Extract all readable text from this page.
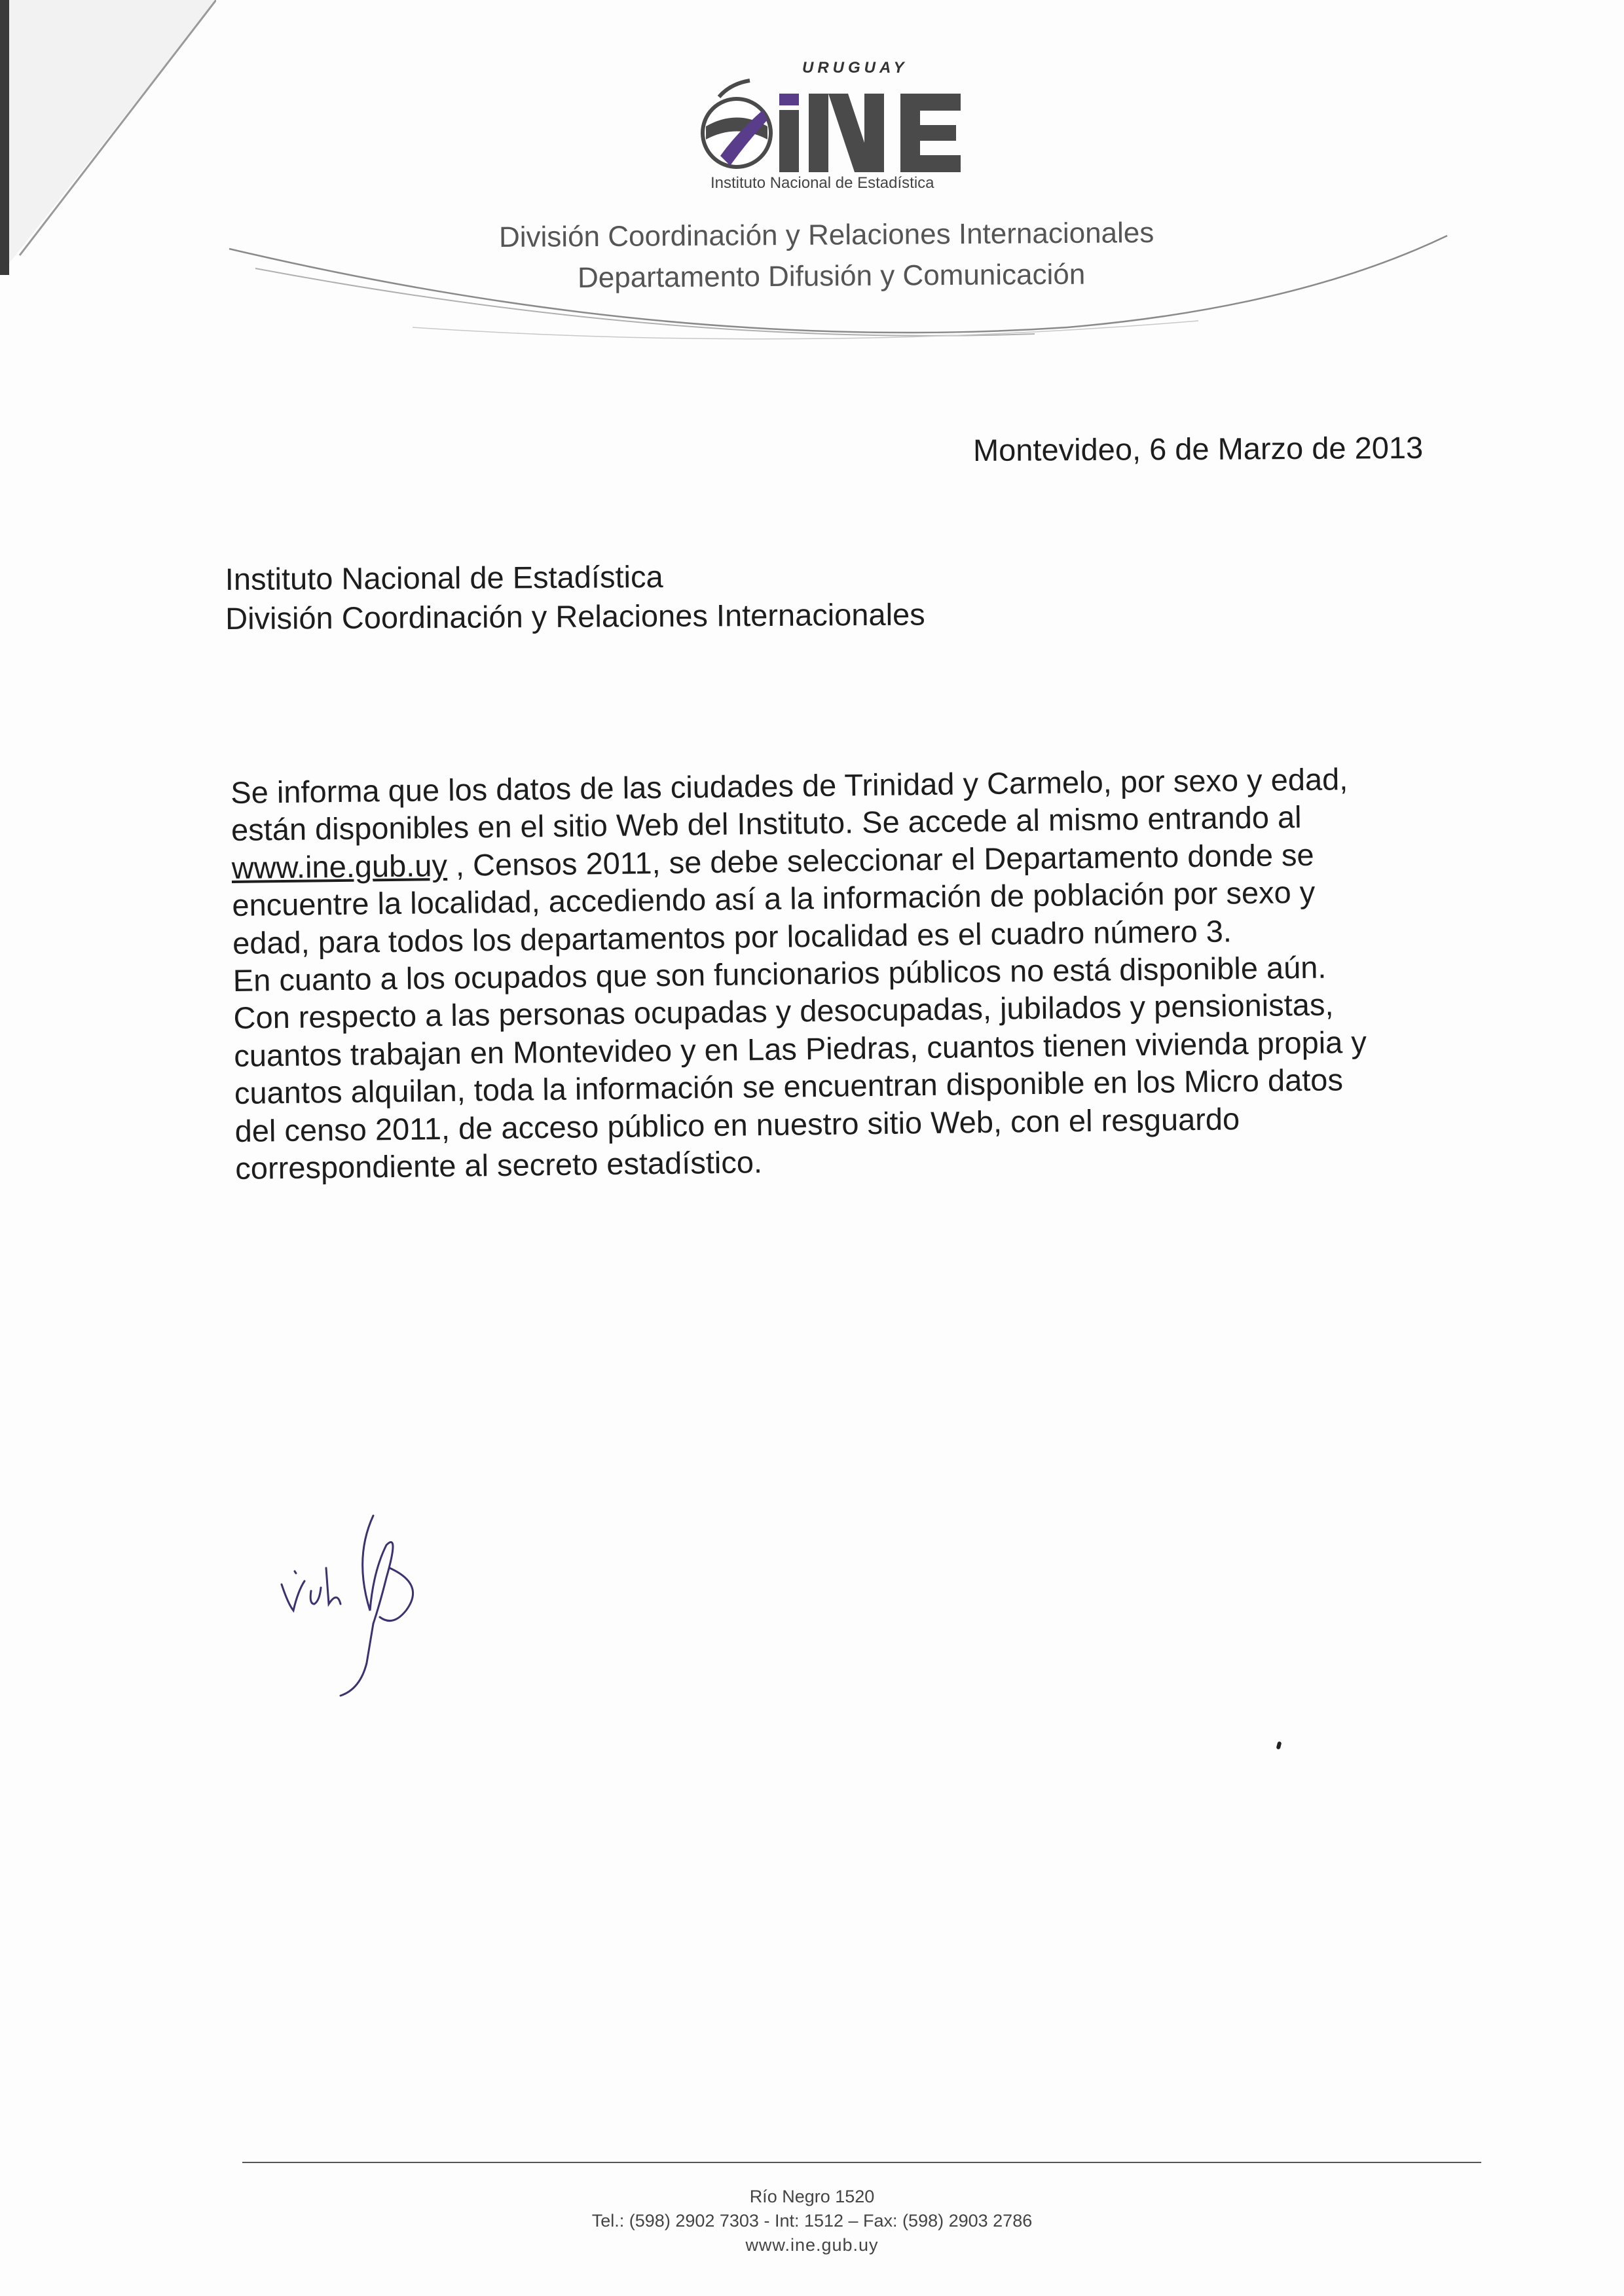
URUGUAY
Instituto Nacional de Estadística
División Coordinación y Relaciones Internacionales
Departamento Difusión y Comunicación
Montevideo, 6 de Marzo de 2013
Instituto Nacional de Estadística
División Coordinación y Relaciones Internacionales
Se informa que los datos de las ciudades de Trinidad y Carmelo, por sexo y edad,
están disponibles en el sitio Web del Instituto. Se accede al mismo entrando al
www.ine.gub.uy , Censos 2011, se debe seleccionar el Departamento donde se
encuentre la localidad, accediendo así a la información de población por sexo y
edad, para todos los departamentos por localidad es el cuadro número 3.
En cuanto a los ocupados que son funcionarios públicos no está disponible aún.
Con respecto a las personas ocupadas y desocupadas, jubilados y pensionistas,
cuantos trabajan en Montevideo y en Las Piedras, cuantos tienen vivienda propia y
cuantos alquilan, toda la información se encuentran disponible en los Micro datos
del censo 2011, de acceso público en nuestro sitio Web, con el resguardo
correspondiente al secreto estadístico.
Río Negro 1520
Tel.: (598) 2902 7303 - Int: 1512 – Fax: (598) 2903 2786
www.ine.gub.uy
